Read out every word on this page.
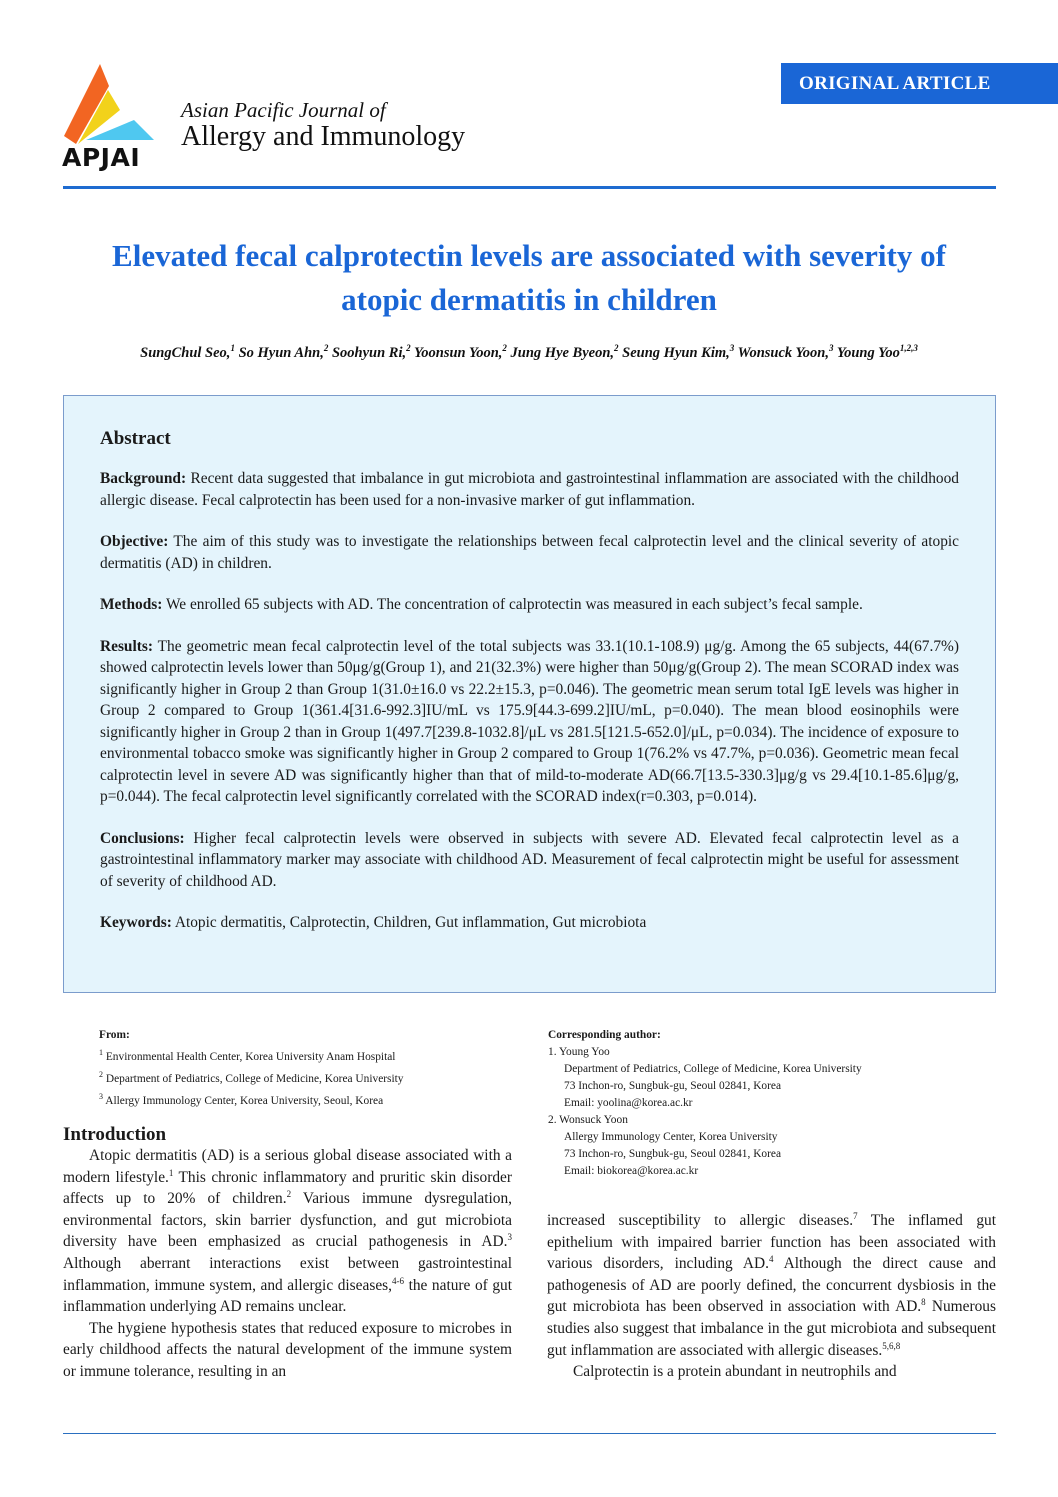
APJAI
Asian Pacific Journal of
Allergy and Immunology
ORIGINAL ARTICLE
Elevated fecal calprotectin levels are associated with severity of
atopic dermatitis in children
SungChul Seo,$^1$ So Hyun Ahn,$^2$ Soohyun Ri,$^2$ Yoonsun Yoon,$^2$ Jung Hye Byeon,$^2$ Seung Hyun Kim,$^3$ Wonsuck Yoon,$^3$ Young Yoo$^{1,2,3}$
Abstract

Background: Recent data suggested that imbalance in gut microbiota and gastrointestinal inflammation are associated with the childhood allergic disease. Fecal calprotectin has been used for a non-invasive marker of gut inflammation.

Objective: The aim of this study was to investigate the relationships between fecal calprotectin level and the clinical severity of atopic dermatitis (AD) in children.

Methods: We enrolled 65 subjects with AD. The concentration of calprotectin was measured in each subject’s fecal sample.

Results: The geometric mean fecal calprotectin level of the total subjects was 33.1(10.1-108.9) μg/g. Among the 65 subjects, 44(67.7%) showed calprotectin levels lower than 50μg/g(Group 1), and 21(32.3%) were higher than 50μg/g(Group 2). The mean SCORAD index was significantly higher in Group 2 than Group 1(31.0±16.0 vs 22.2±15.3, p=0.046). The geometric mean serum total IgE levels was higher in Group 2 compared to Group 1(361.4[31.6-992.3]IU/mL vs 175.9[44.3-699.2]IU/mL, p=0.040). The mean blood eosinophils were significantly higher in Group 2 than in Group 1(497.7[239.8-1032.8]/μL vs 281.5[121.5-652.0]/μL, p=0.034). The incidence of exposure to environmental tobacco smoke was significantly higher in Group 2 compared to Group 1(76.2% vs 47.7%, p=0.036). Geometric mean fecal calprotectin level in severe AD was significantly higher than that of mild-to-moderate AD(66.7[13.5-330.3]μg/g vs 29.4[10.1-85.6]μg/g, p=0.044). The fecal calprotectin level significantly correlated with the SCORAD index(r=0.303, p=0.014).

Conclusions: Higher fecal calprotectin levels were observed in subjects with severe AD. Elevated fecal calprotectin level as a gastrointestinal inflammatory marker may associate with childhood AD. Measurement of fecal calprotectin might be useful for assessment of severity of childhood AD.

Keywords: Atopic dermatitis, Calprotectin, Children, Gut inflammation, Gut microbiota

From:
$^1$ Environmental Health Center, Korea University Anam Hospital
$^2$ Department of Pediatrics, College of Medicine, Korea University
$^3$ Allergy Immunology Center, Korea University, Seoul, Korea
Corresponding author:
1. Young Yoo
Department of Pediatrics, College of Medicine, Korea University
73 Inchon-ro, Sungbuk-gu, Seoul 02841, Korea
Email: yoolina@korea.ac.kr
2. Wonsuck Yoon
Allergy Immunology Center, Korea University
73 Inchon-ro, Sungbuk-gu, Seoul 02841, Korea
Email: biokorea@korea.ac.kr
Introduction

Atopic dermatitis (AD) is a serious global disease associated with a modern lifestyle.$^1$ This chronic inflammatory and pruritic skin disorder affects up to 20% of children.$^2$ Various immune dysregulation, environmental factors, skin barrier dysfunction, and gut microbiota diversity have been emphasized as crucial pathogenesis in AD.$^3$ Although aberrant interactions exist between gastrointestinal inflammation, immune system, and allergic diseases,$^{4-6}$ the nature of gut inflammation underlying AD remains unclear.

The hygiene hypothesis states that reduced exposure to microbes in early childhood affects the natural development of the immune system or immune tolerance, resulting in an

increased susceptibility to allergic diseases.$^7$ The inflamed gut epithelium with impaired barrier function has been associated with various disorders, including AD.$^4$ Although the direct cause and pathogenesis of AD are poorly defined, the concurrent dysbiosis in the gut microbiota has been observed in association with AD.$^8$ Numerous studies also suggest that imbalance in the gut microbiota and subsequent gut inflammation are associated with allergic diseases.$^{5,6,8}$

Calprotectin is a protein abundant in neutrophils and
